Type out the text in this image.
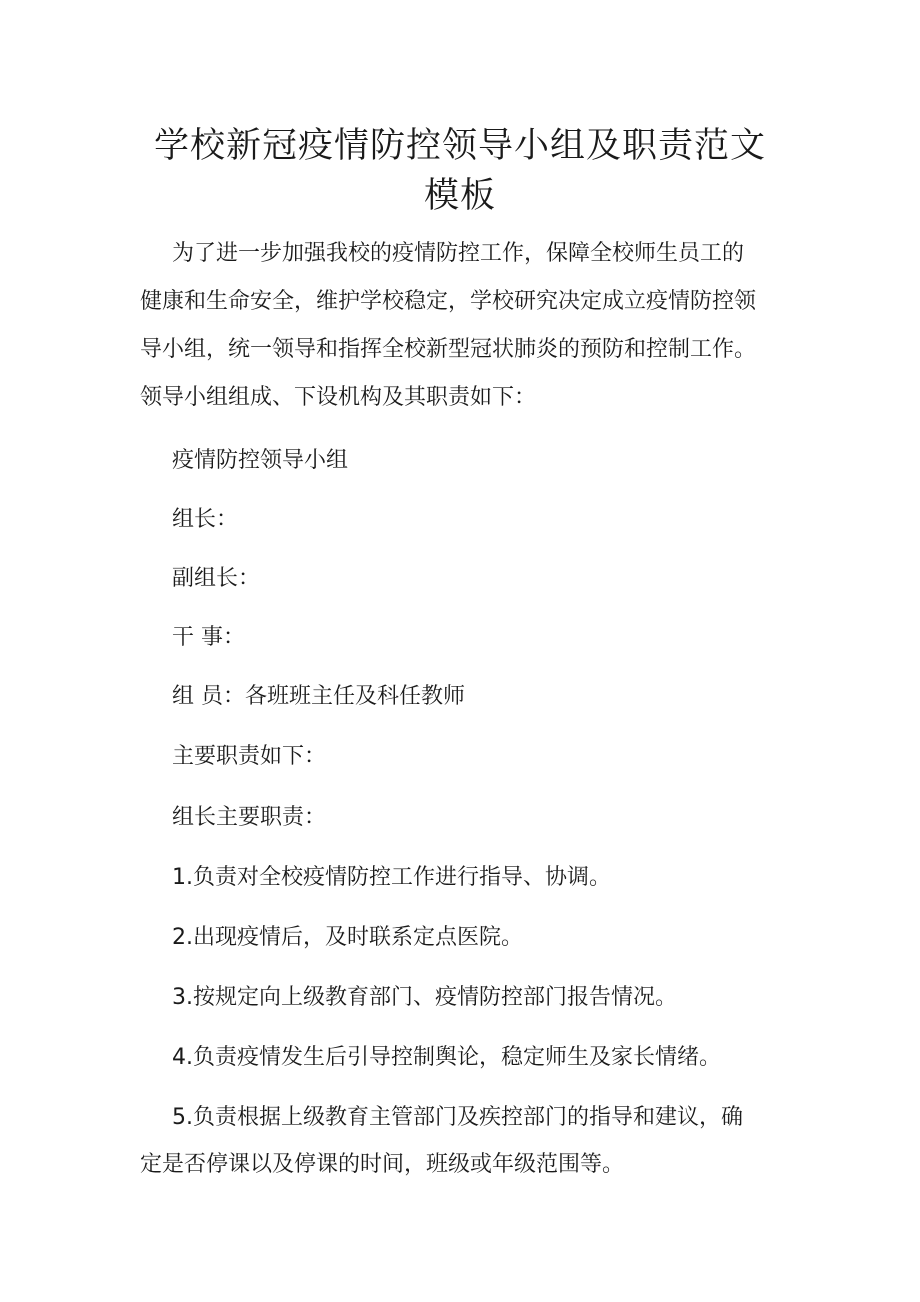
学校新冠疫情防控领导小组及职责范文
模板

为了进一步加强我校的疫情防控工作，保障全校师生员工的

健康和生命安全，维护学校稳定，学校研究决定成立疫情防控领

导小组，统一领导和指挥全校新型冠状肺炎的预防和控制工作。

领导小组组成、下设机构及其职责如下：

疫情防控领导小组

组长：

副组长：

干 事：

组 员：各班班主任及科任教师

主要职责如下：

组长主要职责：

1.负责对全校疫情防控工作进行指导、协调。

2.出现疫情后，及时联系定点医院。

3.按规定向上级教育部门、疫情防控部门报告情况。

4.负责疫情发生后引导控制舆论，稳定师生及家长情绪。

5.负责根据上级教育主管部门及疾控部门的指导和建议，确

定是否停课以及停课的时间，班级或年级范围等。
